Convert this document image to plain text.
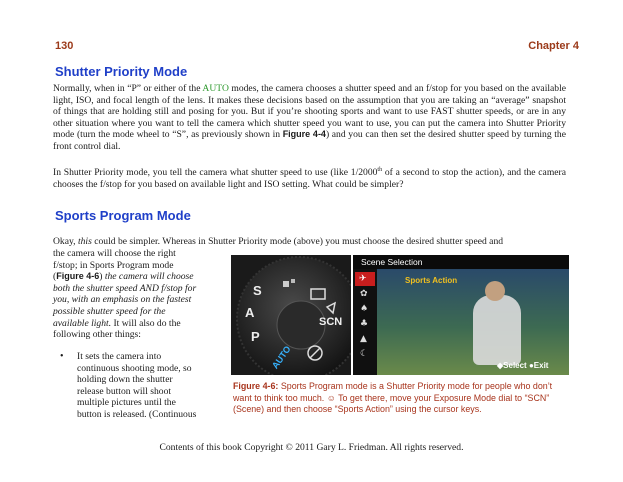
130	Chapter 4
Shutter Priority Mode
Normally, when in “P” or either of the AUTO modes, the camera chooses a shutter speed and an f/stop for you based on the available light, ISO, and focal length of the lens. It makes these decisions based on the assumption that you are taking an “average” snapshot of things that are holding still and posing for you. But if you’re shooting sports and want to use FAST shutter speeds, or are in any other situation where you want to tell the camera which shutter speed you want to use, you can put the camera into Shutter Priority mode (turn the mode wheel to “S”, as previously shown in Figure 4-4) and you can then set the desired shutter speed by turning the front control dial.
In Shutter Priority mode, you tell the camera what shutter speed to use (like 1/2000th of a second to stop the action), and the camera chooses the f/stop for you based on available light and ISO setting. What could be simpler?
Sports Program Mode
Okay, this could be simpler. Whereas in Shutter Priority mode (above) you must choose the desired shutter speed and
the camera will choose the right
f/stop; in Sports Program mode
(Figure 4-6) the camera will choose
both the shutter speed AND f/stop for
you, with an emphasis on the fastest
possible shutter speed for the
available light. It will also do the
following other things:
• It sets the camera into
continuous shooting mode, so
holding down the shutter
release button will shoot
multiple pictures until the
button is released. (Continuous
S
A
P
AUTO
SCN
Scene Selection
✈
✿
♠
♣
▲
☾
Sports Action
◆Select ●Exit
Figure 4-6: Sports Program mode is a Shutter Priority mode for people who don’t want to think too much. ☺ To get there, move your Exposure Mode dial to “SCN” (Scene) and then choose “Sports Action” using the cursor keys.
Contents of this book Copyright © 2011 Gary L. Friedman. All rights reserved.
